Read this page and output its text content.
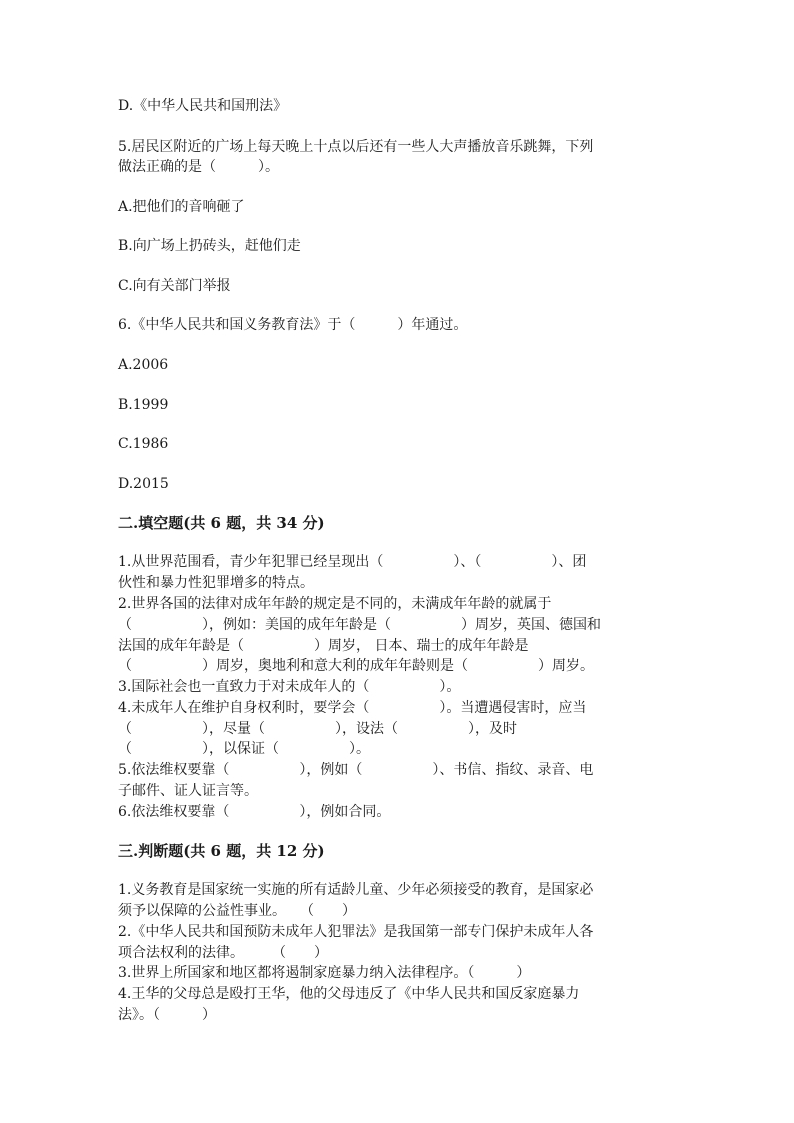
D.《中华人民共和国刑法》
5.居民区附近的广场上每天晚上十点以后还有一些人大声播放音乐跳舞，下列
做法正确的是（　　　）。
A.把他们的音响砸了
B.向广场上扔砖头，赶他们走
C.向有关部门举报
6.《中华人民共和国义务教育法》于（　　　）年通过。
A.2006
B.1999
C.1986
D.2015
二.填空题(共 6 题，共 34 分)
1.从世界范围看，青少年犯罪已经呈现出（　　　　　）、（　　　　　）、团
伙性和暴力性犯罪增多的特点。
2.世界各国的法律对成年年龄的规定是不同的，未满成年年龄的就属于
（　　　　　），例如：美国的成年年龄是（　　　　　）周岁，英国、德国和
法国的成年年龄是（　　　　　）周岁， 日本、瑞士的成年年龄是
（　　　　　）周岁，奥地利和意大利的成年年龄则是（　　　　　）周岁。
3.国际社会也一直致力于对未成年人的（　　　　　）。
4.未成年人在维护自身权利时，要学会（　　　　　）。当遭遇侵害时，应当
（　　　　　），尽量（　　　　　），设法（　　　　　），及时
（　　　　　），以保证（　　　　　）。
5.依法维权要靠（　　　　　），例如（　　　　　）、书信、指纹、录音、电
子邮件、证人证言等。
6.依法维权要靠（　　　　　），例如合同。
三.判断题(共 6 题，共 12 分)
1.义务教育是国家统一实施的所有适龄儿童、少年必须接受的教育，是国家必
须予以保障的公益性事业。　　（　　）
2.《中华人民共和国预防未成年人犯罪法》是我国第一部专门保护未成年人各
项合法权利的法律。　　　（　　）
3.世界上所国家和地区都将遏制家庭暴力纳入法律程序。（　　　）
4.王华的父母总是殴打王华，他的父母违反了《中华人民共和国反家庭暴力
法》。（　　　）
